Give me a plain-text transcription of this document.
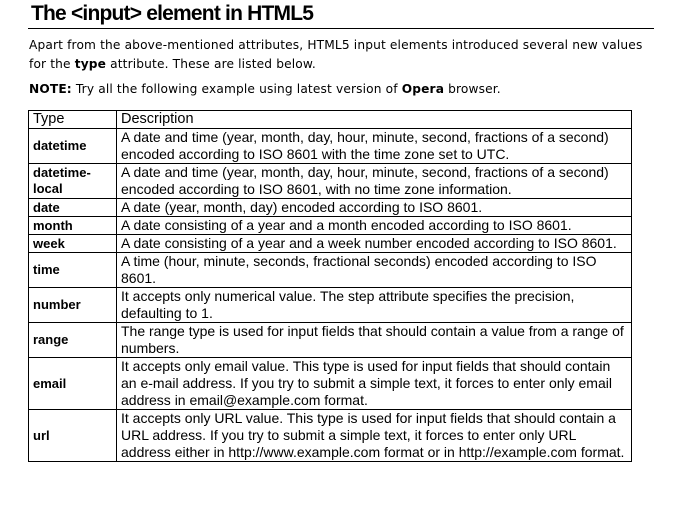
The <input> element in HTML5

Apart from the above-mentioned attributes, HTML5 input elements introduced several new values for the type attribute. These are listed below.

NOTE: Try all the following example using latest version of Opera browser.

Type	Description
datetime	A date and time (year, month, day, hour, minute, second, fractions of a second) encoded according to ISO 8601 with the time zone set to UTC.
datetime-local	A date and time (year, month, day, hour, minute, second, fractions of a second) encoded according to ISO 8601, with no time zone information.
date	A date (year, month, day) encoded according to ISO 8601.
month	A date consisting of a year and a month encoded according to ISO 8601.
week	A date consisting of a year and a week number encoded according to ISO 8601.
time	A time (hour, minute, seconds, fractional seconds) encoded according to ISO 8601.
number	It accepts only numerical value. The step attribute specifies the precision, defaulting to 1.
range	The range type is used for input fields that should contain a value from a range of numbers.
email	It accepts only email value. This type is used for input fields that should contain an e-mail address. If you try to submit a simple text, it forces to enter only email address in email@example.com format.
url	It accepts only URL value. This type is used for input fields that should contain a URL address. If you try to submit a simple text, it forces to enter only URL address either in http://www.example.com format or in http://example.com format.
